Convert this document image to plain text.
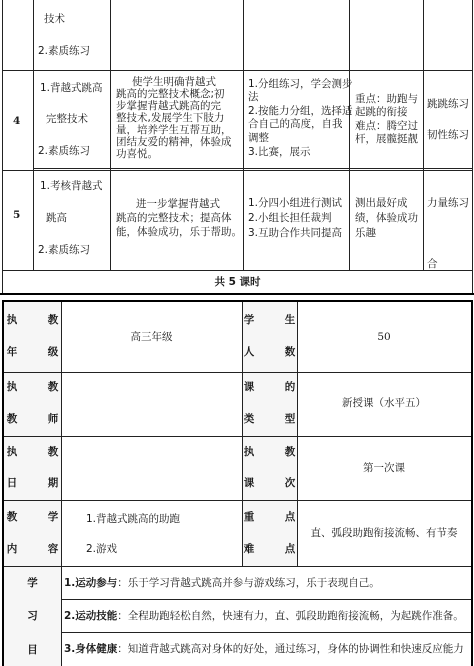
技术
2.素质练习
4
1.背越式跳高
完整技术
2.素质练习
使学生明确背越式
跳高的完整技术概念;初
步掌握背越式跳高的完
整技术,发展学生下肢力
量，培养学生互帮互助，
团结友爱的精神，体验成
功喜悦。
1.分组练习，学会测步
法
2.按能力分组，选择适
合自己的高度，自我
调整
3.比赛，展示
重点：助跑与
起跳的衔接
难点：腾空过
杆，展髋挺靓
跳跳练习
韧性练习
5
1.考核背越式
跳高
2.素质练习
进一步掌握背越式
跳高的完整技术；提高体
能，体验成功，乐于帮助。
1.分四小组进行测试
2.小组长担任裁判
3.互助合作共同提高
测出最好成
绩，体验成功
乐趣
力量练习
合
共 5 课时
执　教
年　级
高三年级
学　生
人　数
50
执　教
教　师
课　的
类　型
新授课（水平五）
执　教
日　期
执　教
课　次
第一次课
教　学
内　容
1.背越式跳高的助跑
2.游戏
重　点
难　点
直、弧段助跑衔接流畅、有节奏
学
习
目
1.运动参与：乐于学习背越式跳高并参与游戏练习，乐于表现自己。
2.运动技能：全程助跑轻松自然，快速有力，直、弧段助跑衔接流畅，为起跳作准备。
3.身体健康：知道背越式跳高对身体的好处，通过练习，身体的协调性和快速反应能力
